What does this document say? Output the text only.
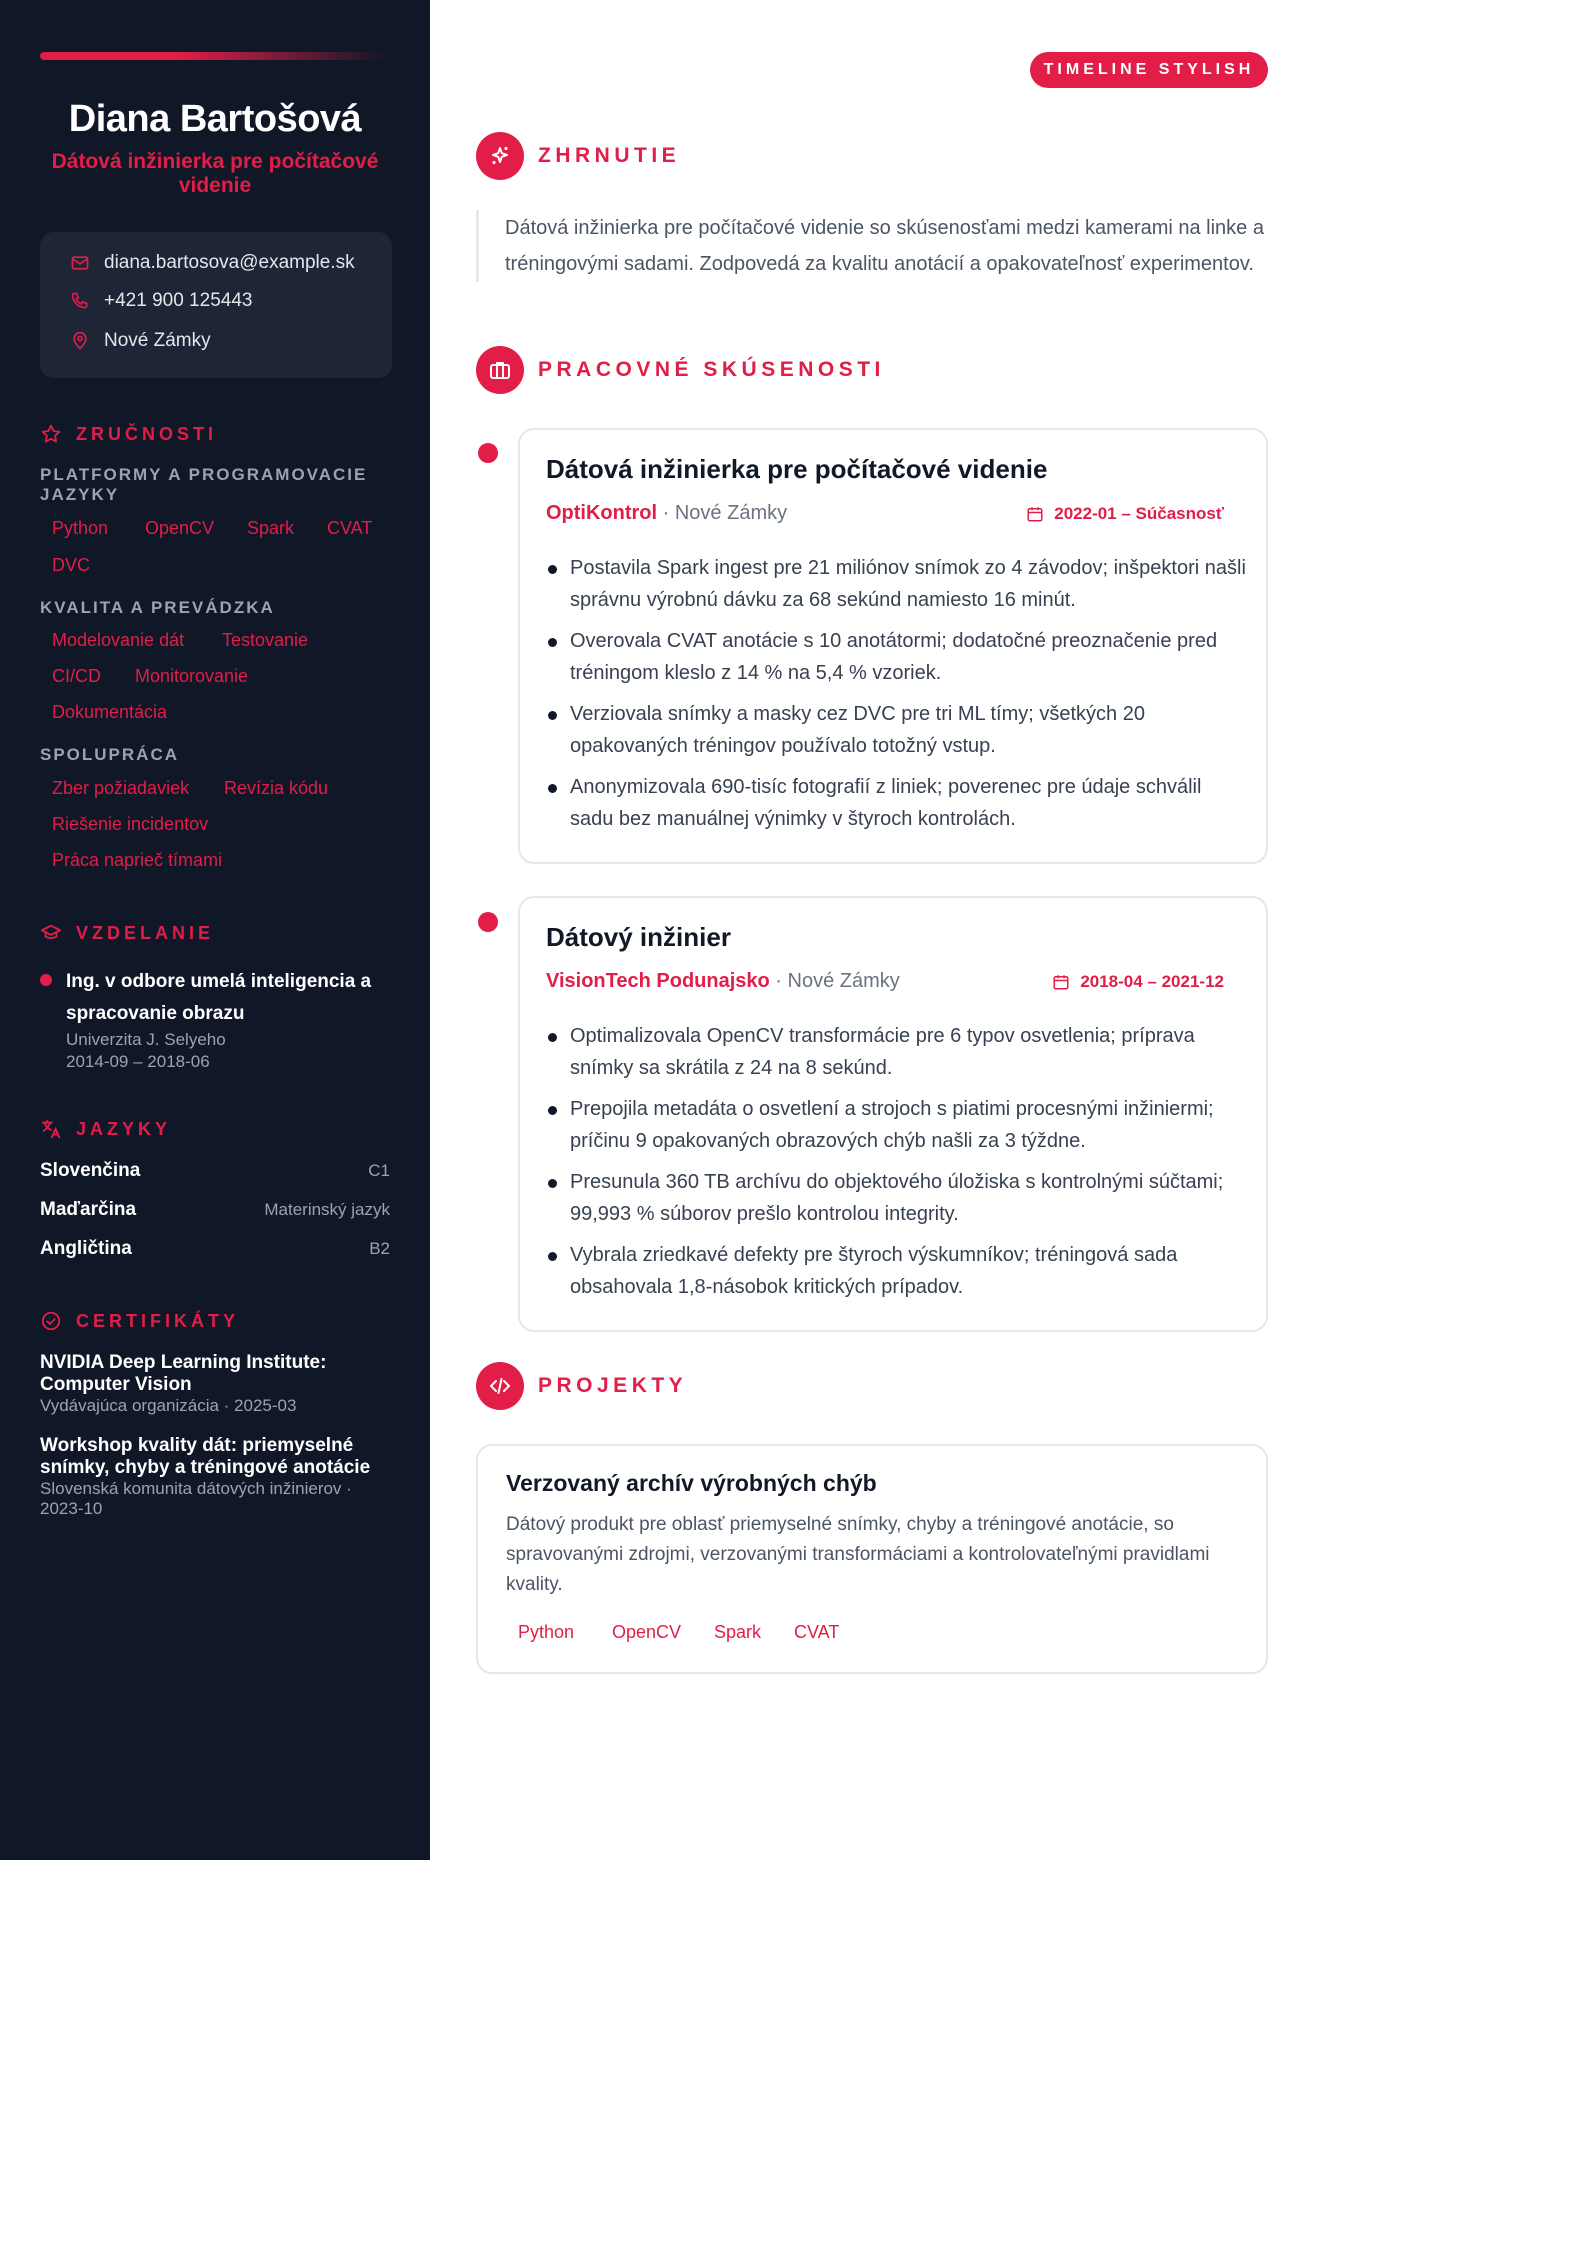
Diana Bartošová
Dátová inžinierka pre počítačové videnie
diana.bartosova@example.sk
+421 900 125443
Nové Zámky
ZRUČNOSTI
PLATFORMY A PROGRAMOVACIE JAZYKY
Python OpenCV Spark CVAT
DVC
KVALITA A PREVÁDZKA
Modelovanie dát Testovanie
CI/CD Monitorovanie
Dokumentácia
SPOLUPRÁCA
Zber požiadaviek Revízia kódu
Riešenie incidentov
Práca naprieč tímami
VZDELANIE
Ing. v odbore umelá inteligencia a spracovanie obrazu
Univerzita J. Selyeho
2014-09 – 2018-06
JAZYKY
Slovenčina	C1
Maďarčina	Materinský jazyk
Angličtina	B2
CERTIFIKÁTY
NVIDIA Deep Learning Institute: Computer Vision
Vydávajúca organizácia · 2025-03
Workshop kvality dát: priemyselné snímky, chyby a tréningové anotácie
Slovenská komunita dátových inžinierov · 2023-10
TIMELINE STYLISH
ZHRNUTIE
Dátová inžinierka pre počítačové videnie so skúsenosťami medzi kamerami na linke a tréningovými sadami. Zodpovedá za kvalitu anotácií a opakovateľnosť experimentov.
PRACOVNÉ SKÚSENOSTI
Dátová inžinierka pre počítačové videnie
OptiKontrol · Nové Zámky	2022-01 – Súčasnosť
Postavila Spark ingest pre 21 miliónov snímok zo 4 závodov; inšpektori našli správnu výrobnú dávku za 68 sekúnd namiesto 16 minút.
Overovala CVAT anotácie s 10 anotátormi; dodatočné preoznačenie pred tréningom kleslo z 14 % na 5,4 % vzoriek.
Verziovala snímky a masky cez DVC pre tri ML tímy; všetkých 20 opakovaných tréningov používalo totožný vstup.
Anonymizovala 690-tisíc fotografií z liniek; poverenec pre údaje schválil sadu bez manuálnej výnimky v štyroch kontrolách.
Dátový inžinier
VisionTech Podunajsko · Nové Zámky	2018-04 – 2021-12
Optimalizovala OpenCV transformácie pre 6 typov osvetlenia; príprava snímky sa skrátila z 24 na 8 sekúnd.
Prepojila metadáta o osvetlení a strojoch s piatimi procesnými inžiniermi; príčinu 9 opakovaných obrazových chýb našli za 3 týždne.
Presunula 360 TB archívu do objektového úložiska s kontrolnými súčtami; 99,993 % súborov prešlo kontrolou integrity.
Vybrala zriedkavé defekty pre štyroch výskumníkov; tréningová sada obsahovala 1,8-násobok kritických prípadov.
PROJEKTY
Verzovaný archív výrobných chýb
Dátový produkt pre oblasť priemyselné snímky, chyby a tréningové anotácie, so spravovanými zdrojmi, verzovanými transformáciami a kontrolovateľnými pravidlami kvality.
Python OpenCV Spark CVAT
